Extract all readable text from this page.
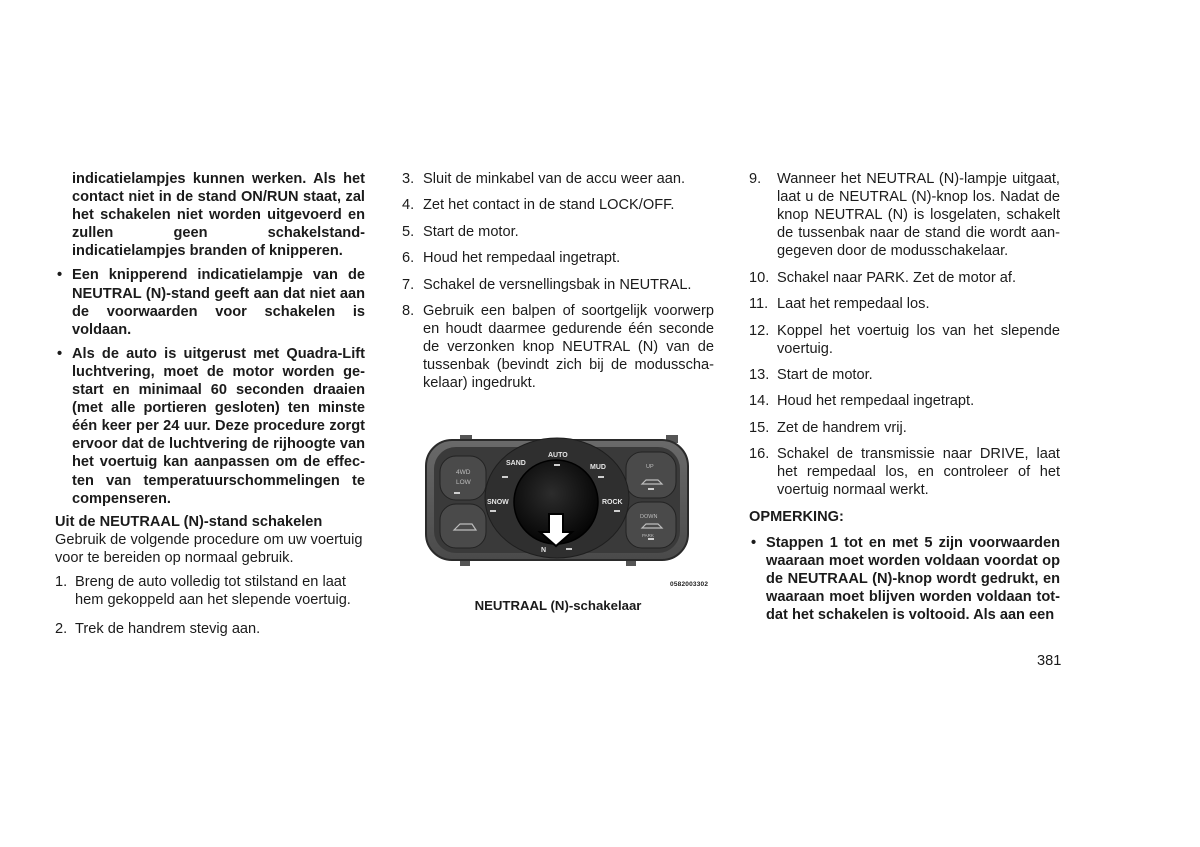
indicatielampjes kunnen werken. Als het contact niet in de stand ON/RUN staat, zal het schakelen niet worden uitgevoerd en zullen geen schakelstand-indicatielampjes branden of knipperen.
• Een knipperend indicatielampje van de NEUTRAL (N)-stand geeft aan dat niet aan de voorwaarden voor schakelen is voldaan.
• Als de auto is uitgerust met Quadra-Lift luchtvering, moet de motor worden ge-start en minimaal 60 seconden draaien (met alle portieren gesloten) ten minste één keer per 24 uur. Deze procedure zorgt ervoor dat de luchtvering de rijhoogte van het voertuig kan aanpassen om de effec-ten van temperatuurschommelingen te compenseren.
Uit de NEUTRAAL (N)-stand schakelen
Gebruik de volgende procedure om uw voertuig voor te bereiden op normaal gebruik.
1. Breng de auto volledig tot stilstand en laat hem gekoppeld aan het slepende voertuig.
2. Trek de handrem stevig aan.
3. Sluit de minkabel van de accu weer aan.
4. Zet het contact in de stand LOCK/OFF.
5. Start de motor.
6. Houd het rempedaal ingetrapt.
7. Schakel de versnellingsbak in NEUTRAL.
8. Gebruik een balpen of soortgelijk voorwerp en houdt daarmee gedurende één seconde de verzonken knop NEUTRAL (N) van de tussenbak (bevindt zich bij de modusscha-kelaar) ingedrukt.
AUTO
SAND
MUD
SNOW	ROCK
N
4WD
LOW
UP
DOWN
PARK
0582003302
NEUTRAAL (N)-schakelaar
9.	Wanneer het NEUTRAL (N)-lampje uitgaat, laat u de NEUTRAL (N)-knop los. Nadat de knop NEUTRAL (N) is losgelaten, schakelt de tussenbak naar de stand die wordt aan-gegeven door de modusschakelaar.
10. Schakel naar PARK. Zet de motor af.
11. Laat het rempedaal los.
12. Koppel het voertuig los van het slepende voertuig.
13. Start de motor.
14. Houd het rempedaal ingetrapt.
15. Zet de handrem vrij.
16. Schakel de transmissie naar DRIVE, laat het rempedaal los, en controleer of het voertuig normaal werkt.
OPMERKING:
• Stappen 1 tot en met 5 zijn voorwaarden waaraan moet worden voldaan voordat op de NEUTRAAL (N)-knop wordt gedrukt, en waaraan moet blijven worden voldaan tot-dat het schakelen is voltooid. Als aan een
381
